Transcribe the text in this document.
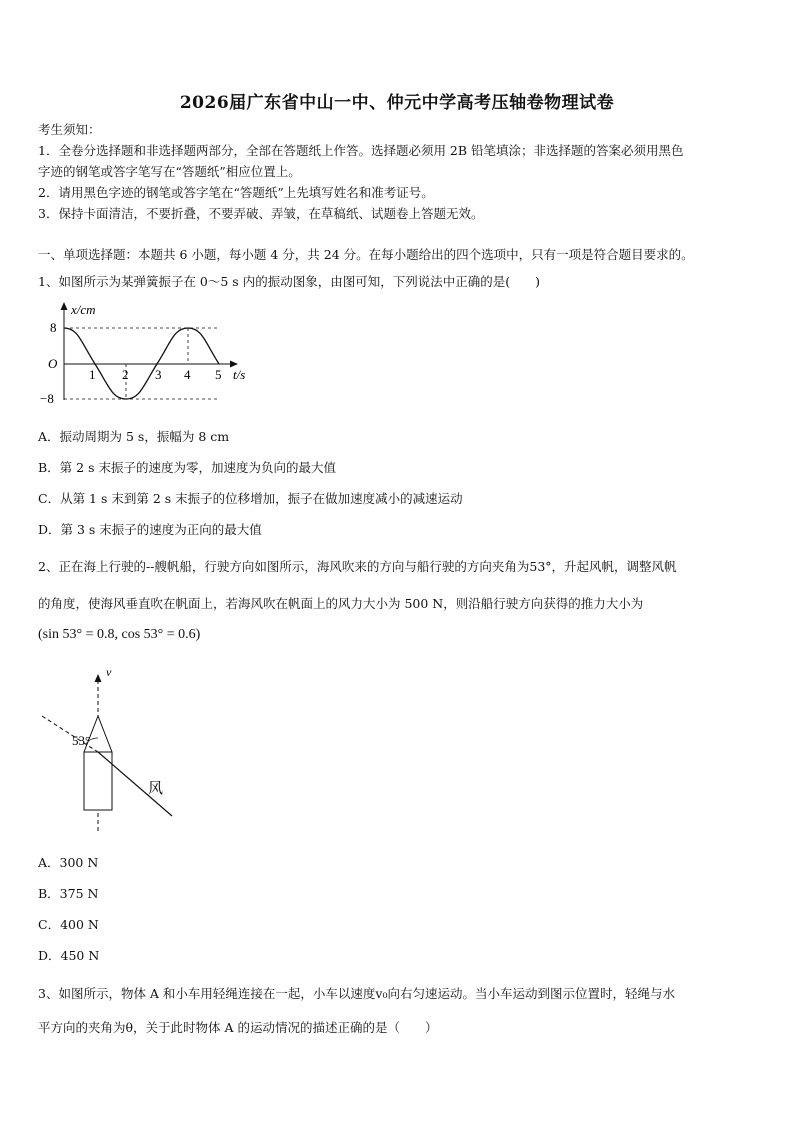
2026届广东省中山一中、仲元中学高考压轴卷物理试卷
考生须知：
1．全卷分选择题和非选择题两部分，全部在答题纸上作答。选择题必须用 2B 铅笔填涂；非选择题的答案必须用黑色
字迹的钢笔或答字笔写在“答题纸”相应位置上。
2．请用黑色字迹的钢笔或答字笔在“答题纸”上先填写姓名和准考证号。
3．保持卡面清洁，不要折叠，不要弄破、弄皱，在草稿纸、试题卷上答题无效。
一、单项选择题：本题共 6 小题，每小题 4 分，共 24 分。在每小题给出的四个选项中，只有一项是符合题目要求的。
1、如图所示为某弹簧振子在 0～5 s 内的振动图象，由图可知，下列说法中正确的是(　　)
x/cm
8
−8
O
1 2 3 4 5 t/s
A．振动周期为 5 s，振幅为 8 cm
B．第 2 s 末振子的速度为零，加速度为负向的最大值
C．从第 1 s 末到第 2 s 末振子的位移增加，振子在做加速度减小的减速运动
D．第 3 s 末振子的速度为正向的最大值
2、正在海上行驶的--艘帆船，行驶方向如图所示，海风吹来的方向与船行驶的方向夹角为53°，升起风帆，调整风帆
的角度，使海风垂直吹在帆面上，若海风吹在帆面上的风力大小为 500 N，则沿船行驶方向获得的推力大小为
(sin 53° = 0.8, cos 53° = 0.6)
v
53°
风
A．300 N
B．375 N
C．400 N
D．450 N
3、如图所示，物体 A 和小车用轻绳连接在一起，小车以速度v₀向右匀速运动。当小车运动到图示位置时，轻绳与水
平方向的夹角为θ，关于此时物体 A 的运动情况的描述正确的是（　　）
